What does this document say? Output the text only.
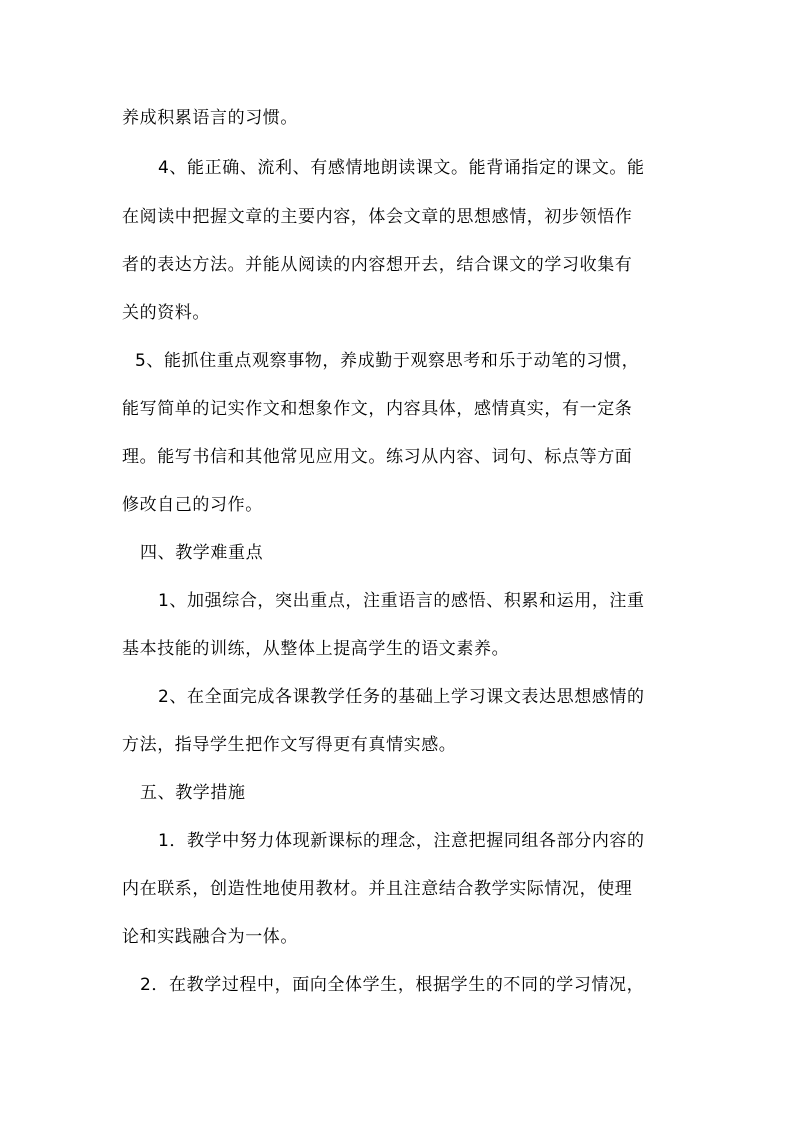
养成积累语言的习惯。
4、能正确、流利、有感情地朗读课文。能背诵指定的课文。能
在阅读中把握文章的主要内容，体会文章的思想感情，初步领悟作
者的表达方法。并能从阅读的内容想开去，结合课文的学习收集有
关的资料。
5、能抓住重点观察事物，养成勤于观察思考和乐于动笔的习惯，
能写简单的记实作文和想象作文，内容具体，感情真实，有一定条
理。能写书信和其他常见应用文。练习从内容、词句、标点等方面
修改自己的习作。
四、教学难重点
1、加强综合，突出重点，注重语言的感悟、积累和运用，注重
基本技能的训练，从整体上提高学生的语文素养。
2、在全面完成各课教学任务的基础上学习课文表达思想感情的
方法，指导学生把作文写得更有真情实感。
五、教学措施
1．教学中努力体现新课标的理念，注意把握同组各部分内容的
内在联系，创造性地使用教材。并且注意结合教学实际情况，使理
论和实践融合为一体。
2．在教学过程中，面向全体学生，根据学生的不同的学习情况，
